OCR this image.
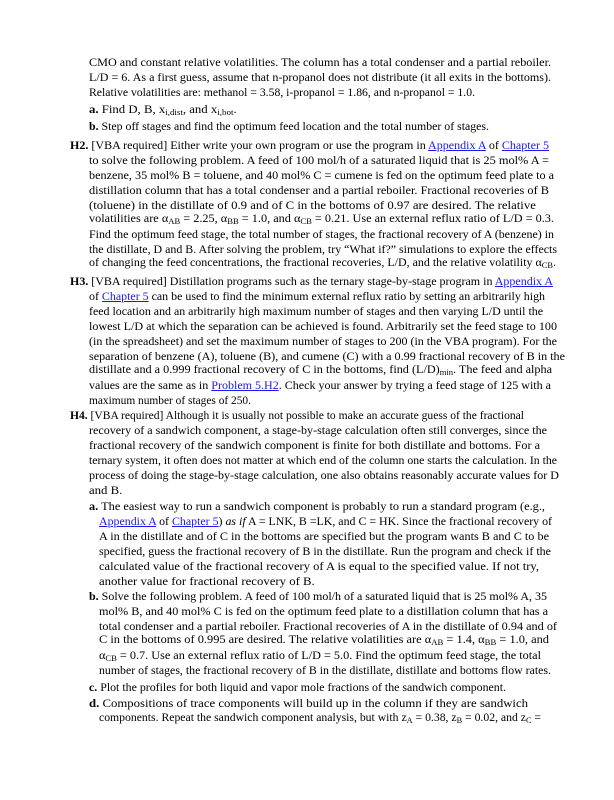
CMO and constant relative volatilities. The column has a total condenser and a partial reboiler.
L/D = 6. As a first guess, assume that n-propanol does not distribute (it all exits in the bottoms).
Relative volatilities are: methanol = 3.58, i-propanol = 1.86, and n-propanol = 1.0.
a. Find D, B, $x_{i,dist}$, and $x_{i,bot}$.
b. Step off stages and find the optimum feed location and the total number of stages.
H2. [VBA required] Either write your own program or use the program in Appendix A of Chapter 5
to solve the following problem. A feed of 100 mol/h of a saturated liquid that is 25 mol% A =
benzene, 35 mol% B = toluene, and 40 mol% C = cumene is fed on the optimum feed plate to a
distillation column that has a total condenser and a partial reboiler. Fractional recoveries of B
(toluene) in the distillate of 0.9 and of C in the bottoms of 0.97 are desired. The relative
volatilities are $\alpha_{AB} = 2.25$, $\alpha_{BB} = 1.0$, and $\alpha_{CB} = 0.21$. Use an external reflux ratio of L/D = 0.3.
Find the optimum feed stage, the total number of stages, the fractional recovery of A (benzene) in
the distillate, D and B. After solving the problem, try “What if?” simulations to explore the effects
of changing the feed concentrations, the fractional recoveries, L/D, and the relative volatility $\alpha_{CB}$.
H3. [VBA required] Distillation programs such as the ternary stage-by-stage program in Appendix A
of Chapter 5 can be used to find the minimum external reflux ratio by setting an arbitrarily high
feed location and an arbitrarily high maximum number of stages and then varying L/D until the
lowest L/D at which the separation can be achieved is found. Arbitrarily set the feed stage to 100
(in the spreadsheet) and set the maximum number of stages to 200 (in the VBA program). For the
separation of benzene (A), toluene (B), and cumene (C) with a 0.99 fractional recovery of B in the
distillate and a 0.999 fractional recovery of C in the bottoms, find $(L/D)_{min}$. The feed and alpha
values are the same as in Problem 5.H2. Check your answer by trying a feed stage of 125 with a
maximum number of stages of 250.
H4. [VBA required] Although it is usually not possible to make an accurate guess of the fractional
recovery of a sandwich component, a stage-by-stage calculation often still converges, since the
fractional recovery of the sandwich component is finite for both distillate and bottoms. For a
ternary system, it often does not matter at which end of the column one starts the calculation. In the
process of doing the stage-by-stage calculation, one also obtains reasonably accurate values for D
and B.
a. The easiest way to run a sandwich component is probably to run a standard program (e.g.,
Appendix A of Chapter 5) as if A = LNK, B =LK, and C = HK. Since the fractional recovery of
A in the distillate and of C in the bottoms are specified but the program wants B and C to be
specified, guess the fractional recovery of B in the distillate. Run the program and check if the
calculated value of the fractional recovery of A is equal to the specified value. If not try,
another value for fractional recovery of B.
b. Solve the following problem. A feed of 100 mol/h of a saturated liquid that is 25 mol% A, 35
mol% B, and 40 mol% C is fed on the optimum feed plate to a distillation column that has a
total condenser and a partial reboiler. Fractional recoveries of A in the distillate of 0.94 and of
C in the bottoms of 0.995 are desired. The relative volatilities are $\alpha_{AB} = 1.4$, $\alpha_{BB} = 1.0$, and
$\alpha_{CB} = 0.7$. Use an external reflux ratio of L/D = 5.0. Find the optimum feed stage, the total
number of stages, the fractional recovery of B in the distillate, distillate and bottoms flow rates.
c. Plot the profiles for both liquid and vapor mole fractions of the sandwich component.
d. Compositions of trace components will build up in the column if they are sandwich
components. Repeat the sandwich component analysis, but with $z_A = 0.38$, $z_B = 0.02$, and $z_C$ =
